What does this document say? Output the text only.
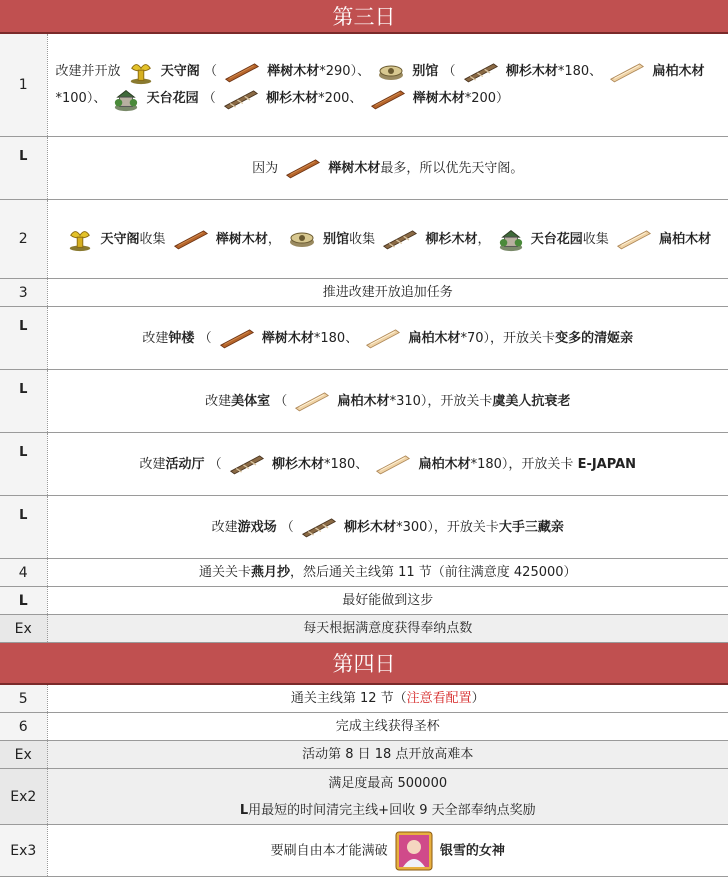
第三日	
1	改建并开放 天守阁 （ 榉树木材*290）、 别馆 （ 柳杉木材*180、 扁柏木材*100）、 天台花园 （ 柳杉木材*200、 榉树木材*200）
L	因为 榉树木材最多，所以优先天守阁。
2	天守阁收集 榉树木材， 别馆收集 柳杉木材， 天台花园收集 扁柏木材
3	推进改建开放追加任务
L	改建钟楼 （ 榉树木材*180、 扁柏木材*70），开放关卡变多的清姬亲
L	改建美体室 （ 扁柏木材*310），开放关卡虞美人抗衰老
L	改建活动厅 （ 柳杉木材*180、 扁柏木材*180），开放关卡 E-JAPAN
L	改建游戏场 （ 柳杉木材*300），开放关卡大手三藏亲
4	通关关卡燕月抄，然后通关主线第 11 节（前往满意度 425000）
L	最好能做到这步
Ex	每天根据满意度获得奉纳点数
第四日	
5	通关主线第 12 节（注意看配置）
6	完成主线获得圣杯
Ex	活动第 8 日 18 点开放高难本
Ex2	满足度最高 500000
L用最短的时间清完主线+回收 9 天全部奉纳点奖励

Ex3	要刷自由本才能满破 银雪的女神
